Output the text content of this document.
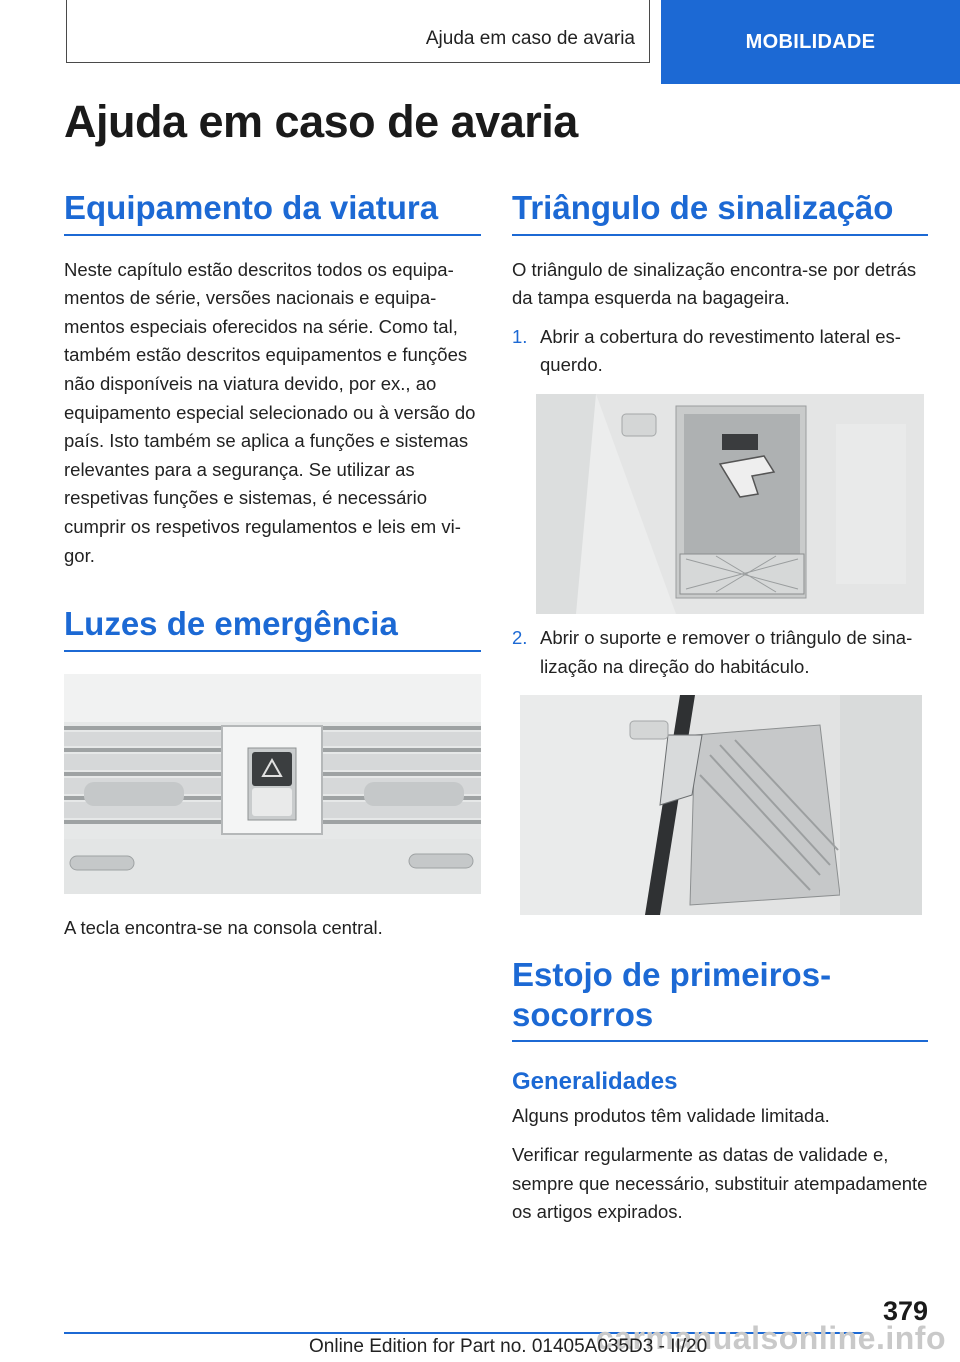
Ajuda em caso de avaria	MOBILIDADE
Ajuda em caso de avaria
Equipamento da viatura

Neste capítulo estão descritos todos os equipamentos de série, versões nacionais e equipamentos especiais oferecidos na série. Como tal, também estão descritos equipamentos e funções não disponíveis na viatura devido, por ex., ao equipamento especial selecionado ou à versão do país. Isto também se aplica a funções e sistemas relevantes para a segurança. Se utilizar as respetivas funções e sistemas, é necessário cumprir os respetivos regulamentos e leis em vigor.

Luzes de emergência

A tecla encontra-se na consola central.

Triângulo de sinalização

O triângulo de sinalização encontra-se por detrás da tampa esquerda na bagageira.

1. Abrir a cobertura do revestimento lateral esquerdo.
2. Abrir o suporte e remover o triângulo de sinalização na direção do habitáculo.
Estojo de primeiros-socorros
Generalidades

Alguns produtos têm validade limitada.

Verificar regularmente as datas de validade e, sempre que necessário, substituir atempadamente os artigos expirados.

379
carmanualsonline.info
Online Edition for Part no. 01405A035D3 - II/20
